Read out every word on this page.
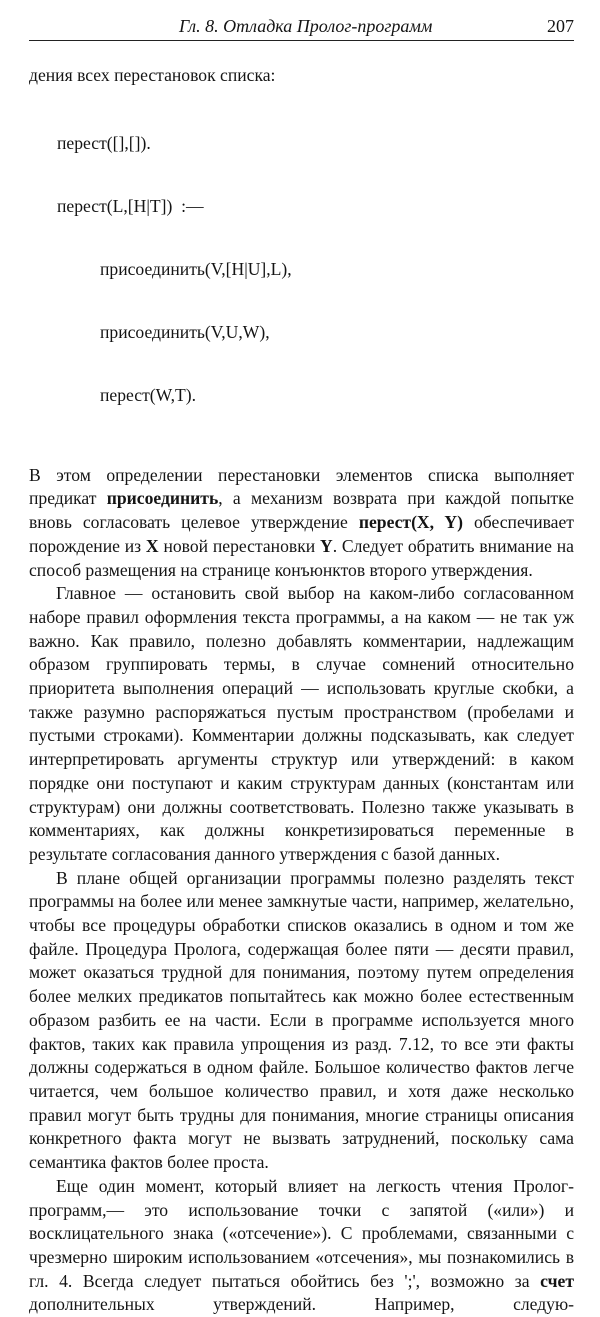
Гл. 8. Отладка Пролог-программ	207

дения всех перестановок списка:

перест([],[]).

перест(L,[H|T])  :—

присоединить(V,[H|U],L),

присоединить(V,U,W),

перест(W,T).

В этом определении перестановки элементов списка выполняет предикат присоединить, а механизм возврата при каждой попытке вновь согласовать целевое утверждение перест(X, Y) обеспечивает порождение из X новой перестановки Y. Следует обратить внимание на способ размещения на странице конъюнктов второго утверждения.

Главное — остановить свой выбор на каком-либо согласованном наборе правил оформления текста программы, а на каком — не так уж важно. Как правило, полезно добавлять комментарии, надлежащим образом группировать термы, в случае сомнений относительно приоритета выполнения операций — использовать круглые скобки, а также разумно распоряжаться пустым пространством (пробелами и пустыми строками). Комментарии должны подсказывать, как следует интерпретировать аргументы структур или утверждений: в каком порядке они поступают и каким структурам данных (константам или структурам) они должны соответствовать. Полезно также указывать в комментариях, как должны конкретизироваться переменные в результате согласования данного утверждения с базой данных.

В плане общей организации программы полезно разделять текст программы на более или менее замкнутые части, например, желательно, чтобы все процедуры обработки списков оказались в одном и том же файле. Процедура Пролога, содержащая более пяти — десяти правил, может оказаться трудной для понимания, поэтому путем определения более мелких предикатов попытайтесь как можно более естественным образом разбить ее на части. Если в программе используется много фактов, таких как правила упрощения из разд. 7.12, то все эти факты должны содержаться в одном файле. Большое количество фактов легче читается, чем большое количество правил, и хотя даже несколько правил могут быть трудны для понимания, многие страницы описания конкретного факта могут не вызвать затруднений, поскольку сама семантика фактов более проста.

Еще один момент, который влияет на легкость чтения Пролог-программ,— это использование точки с запятой («или») и восклицательного знака («отсечение»). С проблемами, связанными с чрезмерно широким использованием «отсечения», мы познакомились в гл. 4. Всегда следует пытаться обойтись без ';', возможно за счет дополнительных утверждений. Например, следую-
